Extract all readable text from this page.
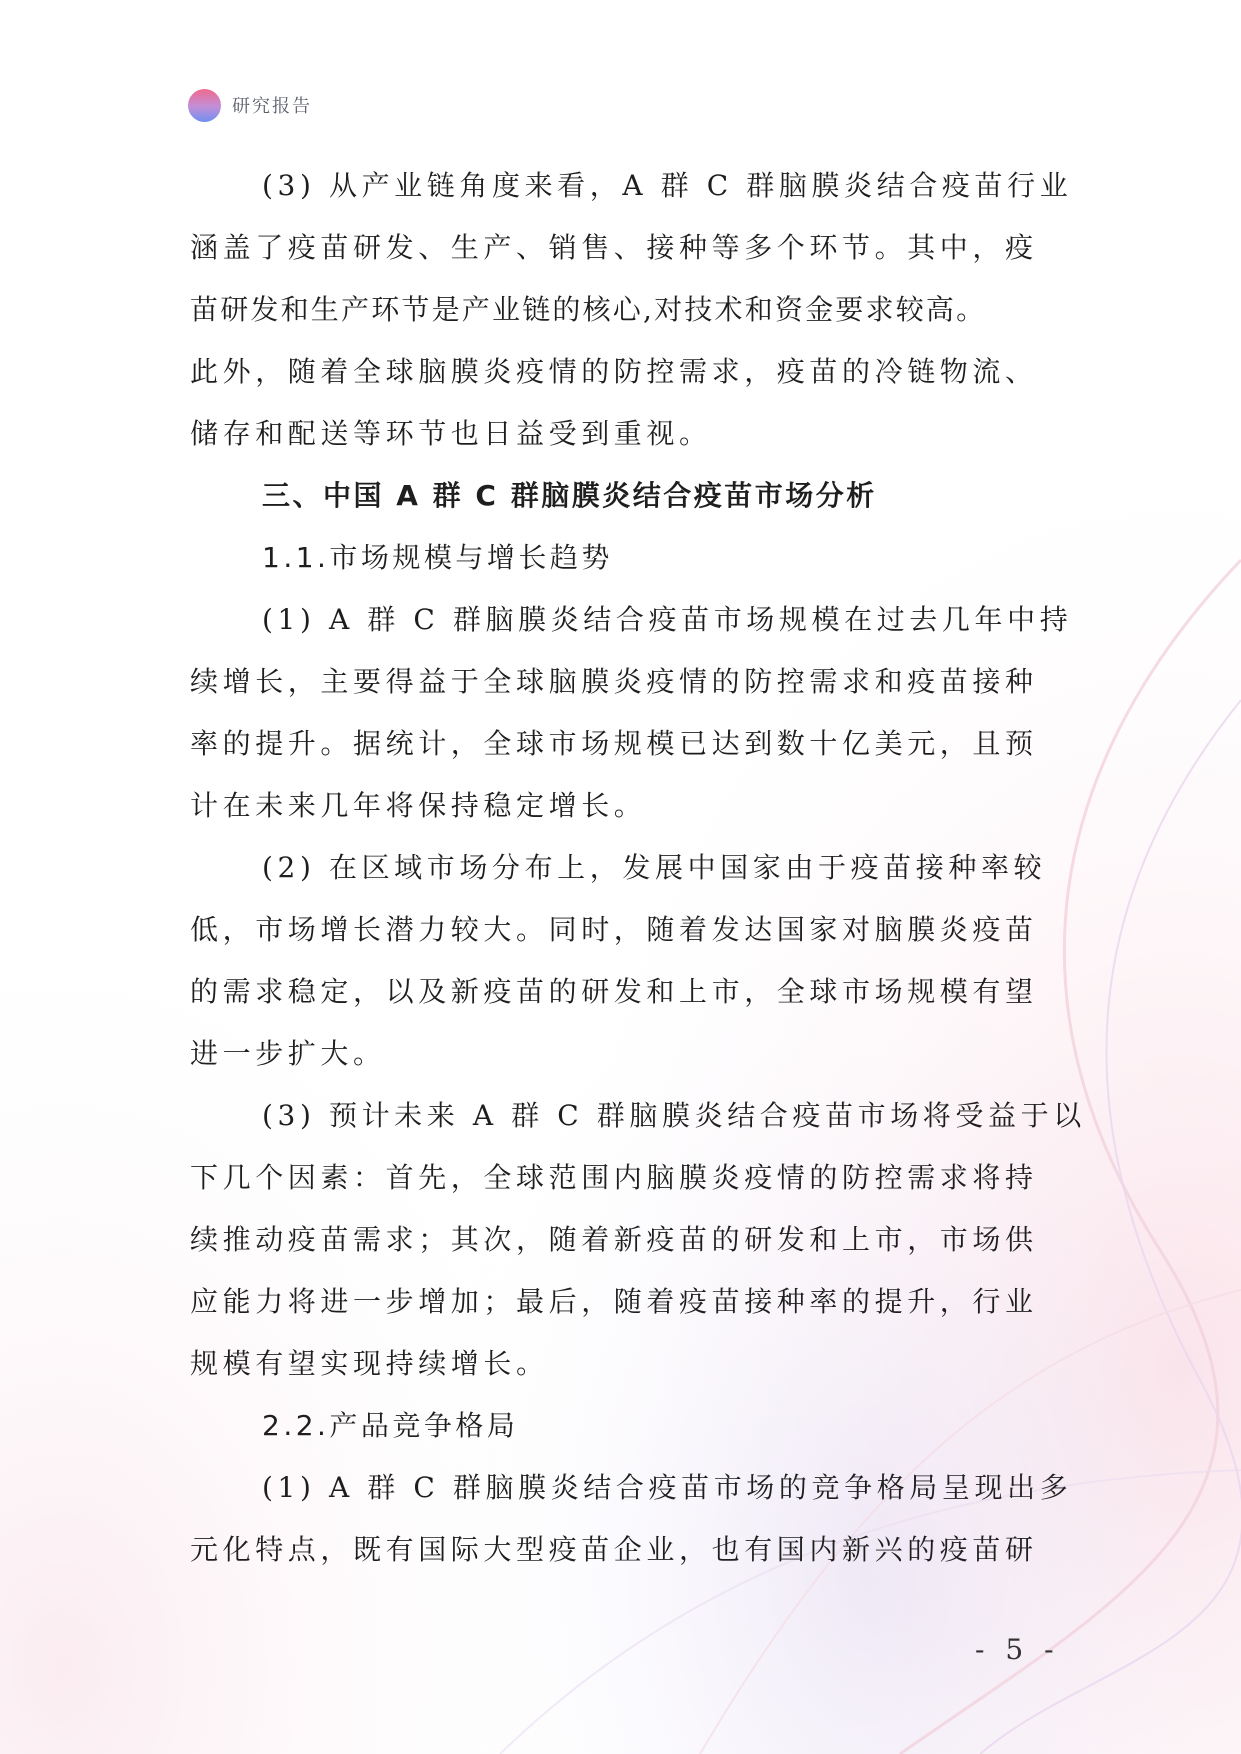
研究报告
(3) 从产业链角度来看，A 群 C 群脑膜炎结合疫苗行业
涵盖了疫苗研发、生产、销售、接种等多个环节。其中，疫
苗研发和生产环节是产业链的核心,对技术和资金要求较高。
此外，随着全球脑膜炎疫情的防控需求，疫苗的冷链物流、
储存和配送等环节也日益受到重视。
三、中国 A 群 C 群脑膜炎结合疫苗市场分析
1.1.市场规模与增长趋势
(1) A 群 C 群脑膜炎结合疫苗市场规模在过去几年中持
续增长，主要得益于全球脑膜炎疫情的防控需求和疫苗接种
率的提升。据统计，全球市场规模已达到数十亿美元，且预
计在未来几年将保持稳定增长。
(2) 在区域市场分布上，发展中国家由于疫苗接种率较
低，市场增长潜力较大。同时，随着发达国家对脑膜炎疫苗
的需求稳定，以及新疫苗的研发和上市，全球市场规模有望
进一步扩大。
(3) 预计未来 A 群 C 群脑膜炎结合疫苗市场将受益于以
下几个因素：首先，全球范围内脑膜炎疫情的防控需求将持
续推动疫苗需求；其次，随着新疫苗的研发和上市，市场供
应能力将进一步增加；最后，随着疫苗接种率的提升，行业
规模有望实现持续增长。
2.2.产品竞争格局
(1) A 群 C 群脑膜炎结合疫苗市场的竞争格局呈现出多
元化特点，既有国际大型疫苗企业，也有国内新兴的疫苗研
- 5 -
